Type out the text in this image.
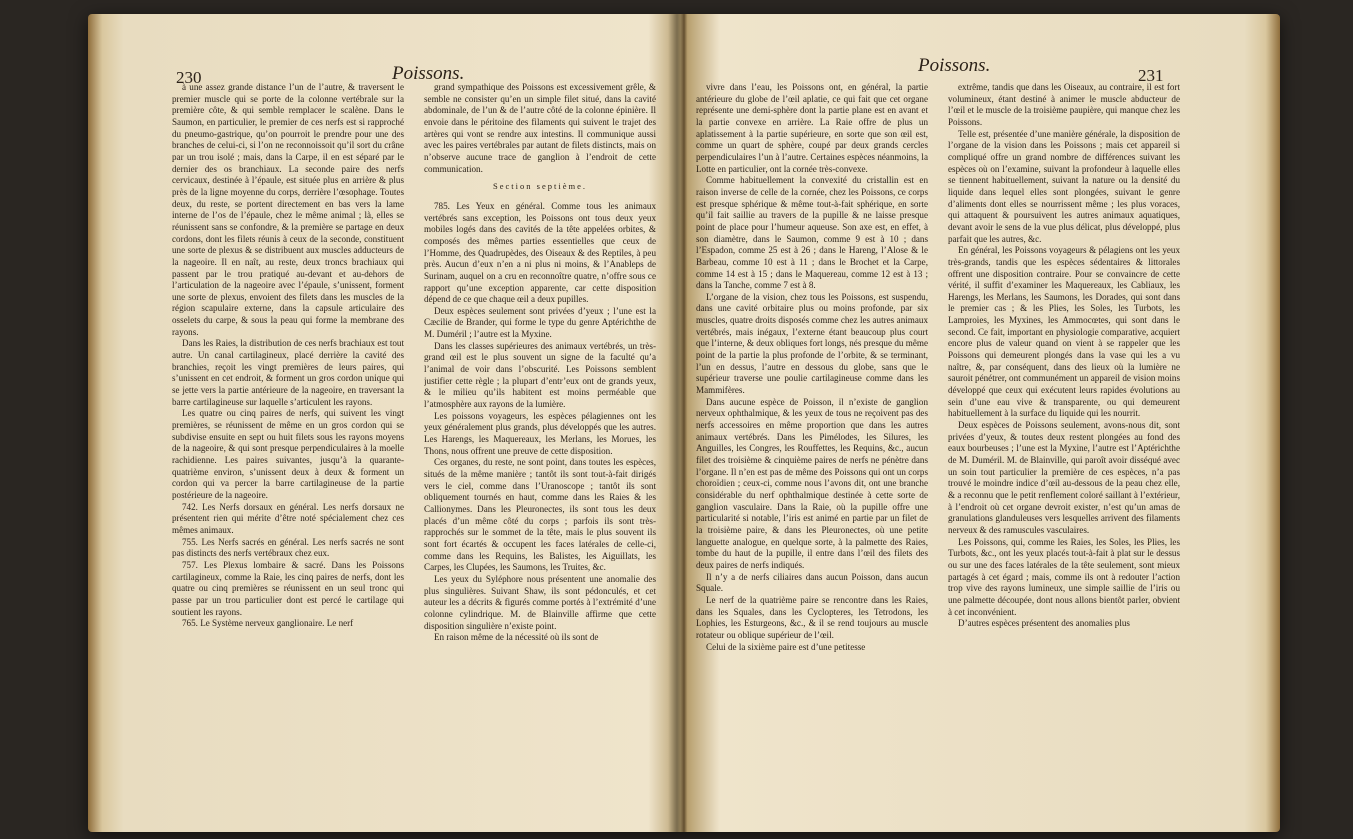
230	Poissons.

à une assez grande distance l’un de l’autre, & traversent le premier muscle qui se porte de la colonne vertébrale sur la première côte, & qui semble remplacer le scalène. Dans le Saumon, en particulier, le premier de ces nerfs est si rapproché du pneumo-gastrique, qu’on pourroit le prendre pour une des branches de celui-ci, si l’on ne reconnoissoit qu’il sort du crâne par un trou isolé ; mais, dans la Carpe, il en est séparé par le dernier des os branchiaux. La seconde paire des nerfs cervicaux, destinée à l’épaule, est située plus en arrière & plus près de la ligne moyenne du corps, derrière l’œsophage. Toutes deux, du reste, se portent directement en bas vers la lame interne de l’os de l’épaule, chez le même animal ; là, elles se réunissent sans se confondre, & la première se partage en deux cordons, dont les filets réunis à ceux de la seconde, constituent une sorte de plexus & se distribuent aux muscles adducteurs de la nageoire. Il en naît, au reste, deux troncs brachiaux qui passent par le trou pratiqué au-devant et au-dehors de l’articulation de la nageoire avec l’épaule, s’unissent, forment une sorte de plexus, envoient des filets dans les muscles de la région scapulaire externe, dans la capsule articulaire des osselets du carpe, & sous la peau qui forme la membrane des rayons.

Dans les Raies, la distribution de ces nerfs brachiaux est tout autre. Un canal cartilagineux, placé derrière la cavité des branchies, reçoit les vingt premières de leurs paires, qui s’unissent en cet endroit, & forment un gros cordon unique qui se jette vers la partie antérieure de la nageoire, en traversant la barre cartilagineuse sur laquelle s’articulent les rayons.

Les quatre ou cinq paires de nerfs, qui suivent les vingt premières, se réunissent de même en un gros cordon qui se subdivise ensuite en sept ou huit filets sous les rayons moyens de la nageoire, & qui sont presque perpendiculaires à la moelle rachidienne. Les paires suivantes, jusqu’à la quarante-quatrième environ, s’unissent deux à deux & forment un cordon qui va percer la barre cartilagineuse de la partie postérieure de la nageoire.

742. Les Nerfs dorsaux en général. Les nerfs dorsaux ne présentent rien qui mérite d’être noté spécialement chez ces mêmes animaux.

755. Les Nerfs sacrés en général. Les nerfs sacrés ne sont pas distincts des nerfs vertébraux chez eux.

757. Les Plexus lombaire & sacré. Dans les Poissons cartilagineux, comme la Raie, les cinq paires de nerfs, dont les quatre ou cinq premières se réunissent en un seul tronc qui passe par un trou particulier dont est percé le cartilage qui soutient les rayons.

765. Le Système nerveux ganglionaire. Le nerf

grand sympathique des Poissons est excessivement grêle, & semble ne consister qu’en un simple filet situé, dans la cavité abdominale, de l’un & de l’autre côté de la colonne épinière. Il envoie dans le péritoine des filaments qui suivent le trajet des artères qui vont se rendre aux intestins. Il communique aussi avec les paires vertébrales par autant de filets distincts, mais on n’observe aucune trace de ganglion à l’endroit de cette communication.

Section septième.

785. Les Yeux en général. Comme tous les animaux vertébrés sans exception, les Poissons ont tous deux yeux mobiles logés dans des cavités de la tête appelées orbites, & composés des mêmes parties essentielles que ceux de l’Homme, des Quadrupèdes, des Oiseaux & des Reptiles, à peu près. Aucun d’eux n’en a ni plus ni moins, & l’Anableps de Surinam, auquel on a cru en reconnoître quatre, n’offre sous ce rapport qu’une exception apparente, car cette disposition dépend de ce que chaque œil a deux pupilles.

Deux espèces seulement sont privées d’yeux ; l’une est la Cæcilie de Brander, qui forme le type du genre Aptérichthe de M. Duméril ; l’autre est la Myxine.

Dans les classes supérieures des animaux vertébrés, un très-grand œil est le plus souvent un signe de la faculté qu’a l’animal de voir dans l’obscurité. Les Poissons semblent justifier cette règle ; la plupart d’entr’eux ont de grands yeux, & le milieu qu’ils habitent est moins perméable que l’atmosphère aux rayons de la lumière.

Les poissons voyageurs, les espèces pélagiennes ont les yeux généralement plus grands, plus développés que les autres. Les Harengs, les Maquereaux, les Merlans, les Morues, les Thons, nous offrent une preuve de cette disposition.

Ces organes, du reste, ne sont point, dans toutes les espèces, situés de la même manière ; tantôt ils sont tout-à-fait dirigés vers le ciel, comme dans l’Uranoscope ; tantôt ils sont obliquement tournés en haut, comme dans les Raies & les Callionymes. Dans les Pleuronectes, ils sont tous les deux placés d’un même côté du corps ; parfois ils sont très-rapprochés sur le sommet de la tête, mais le plus souvent ils sont fort écartés & occupent les faces latérales de celle-ci, comme dans les Requins, les Balistes, les Aiguillats, les Carpes, les Clupées, les Saumons, les Truites, &c.

Les yeux du Syléphore nous présentent une anomalie des plus singulières. Suivant Shaw, ils sont pédonculés, et cet auteur les a décrits & figurés comme portés à l’extrémité d’une colonne cylindrique. M. de Blainville affirme que cette disposition singulière n’existe point.

En raison même de la nécessité où ils sont de

Poissons.	231

vivre dans l’eau, les Poissons ont, en général, la partie antérieure du globe de l’œil aplatie, ce qui fait que cet organe représente une demi-sphère dont la partie plane est en avant et la partie convexe en arrière. La Raie offre de plus un aplatissement à la partie supérieure, en sorte que son œil est, comme un quart de sphère, coupé par deux grands cercles perpendiculaires l’un à l’autre. Certaines espèces néanmoins, la Lotte en particulier, ont la cornée très-convexe.

Comme habituellement la convexité du cristallin est en raison inverse de celle de la cornée, chez les Poissons, ce corps est presque sphérique & même tout-à-fait sphérique, en sorte qu’il fait saillie au travers de la pupille & ne laisse presque point de place pour l’humeur aqueuse. Son axe est, en effet, à son diamètre, dans le Saumon, comme 9 est à 10 ; dans l’Espadon, comme 25 est à 26 ; dans le Hareng, l’Alose & le Barbeau, comme 10 est à 11 ; dans le Brochet et la Carpe, comme 14 est à 15 ; dans le Maquereau, comme 12 est à 13 ; dans la Tanche, comme 7 est à 8.

L’organe de la vision, chez tous les Poissons, est suspendu, dans une cavité orbitaire plus ou moins profonde, par six muscles, quatre droits disposés comme chez les autres animaux vertébrés, mais inégaux, l’externe étant beaucoup plus court que l’interne, & deux obliques fort longs, nés presque du même point de la partie la plus profonde de l’orbite, & se terminant, l’un en dessus, l’autre en dessous du globe, sans que le supérieur traverse une poulie cartilagineuse comme dans les Mammifères.

Dans aucune espèce de Poisson, il n’existe de ganglion nerveux ophthalmique, & les yeux de tous ne reçoivent pas des nerfs accessoires en même proportion que dans les autres animaux vertébrés. Dans les Pimélodes, les Silures, les Anguilles, les Congres, les Rouffettes, les Requins, &c., aucun filet des troisième & cinquième paires de nerfs ne pénètre dans l’organe. Il n’en est pas de même des Poissons qui ont un corps choroïdien ; ceux-ci, comme nous l’avons dit, ont une branche considérable du nerf ophthalmique destinée à cette sorte de ganglion vasculaire. Dans la Raie, où la pupille offre une particularité si notable, l’iris est animé en partie par un filet de la troisième paire, & dans les Pleuronectes, où une petite languette analogue, en quelque sorte, à la palmette des Raies, tombe du haut de la pupille, il entre dans l’œil des filets des deux paires de nerfs indiqués.

Il n’y a de nerfs ciliaires dans aucun Poisson, dans aucun Squale.

Le nerf de la quatrième paire se rencontre dans les Raies, dans les Squales, dans les Cyclopteres, les Tetrodons, les Lophies, les Esturgeons, &c., & il se rend toujours au muscle rotateur ou oblique supérieur de l’œil.

Celui de la sixième paire est d’une petitesse

extrême, tandis que dans les Oiseaux, au contraire, il est fort volumineux, étant destiné à animer le muscle abducteur de l’œil et le muscle de la troisième paupière, qui manque chez les Poissons.

Telle est, présentée d’une manière générale, la disposition de l’organe de la vision dans les Poissons ; mais cet appareil si compliqué offre un grand nombre de différences suivant les espèces où on l’examine, suivant la profondeur à laquelle elles se tiennent habituellement, suivant la nature ou la densité du liquide dans lequel elles sont plongées, suivant le genre d’aliments dont elles se nourrissent même ; les plus voraces, qui attaquent & poursuivent les autres animaux aquatiques, devant avoir le sens de la vue plus délicat, plus développé, plus parfait que les autres, &c.

En général, les Poissons voyageurs & pélagiens ont les yeux très-grands, tandis que les espèces sédentaires & littorales offrent une disposition contraire. Pour se convaincre de cette vérité, il suffit d’examiner les Maquereaux, les Cabliaux, les Harengs, les Merlans, les Saumons, les Dorades, qui sont dans le premier cas ; & les Plies, les Soles, les Turbots, les Lamproies, les Myxines, les Ammocœtes, qui sont dans le second. Ce fait, important en physiologie comparative, acquiert encore plus de valeur quand on vient à se rappeler que les Poissons qui demeurent plongés dans la vase qui les a vu naître, &, par conséquent, dans des lieux où la lumière ne sauroit pénétrer, ont communément un appareil de vision moins développé que ceux qui exécutent leurs rapides évolutions au sein d’une eau vive & transparente, ou qui demeurent habituellement à la surface du liquide qui les nourrit.

Deux espèces de Poissons seulement, avons-nous dit, sont privées d’yeux, & toutes deux restent plongées au fond des eaux bourbeuses ; l’une est la Myxine, l’autre est l’Aptérichthe de M. Duméril. M. de Blainville, qui paroît avoir disséqué avec un soin tout particulier la première de ces espèces, n’a pas trouvé le moindre indice d’œil au-dessous de la peau chez elle, & a reconnu que le petit renflement coloré saillant à l’extérieur, à l’endroit où cet organe devroit exister, n’est qu’un amas de granulations glanduleuses vers lesquelles arrivent des filaments nerveux & des ramuscules vasculaires.

Les Poissons, qui, comme les Raies, les Soles, les Plies, les Turbots, &c., ont les yeux placés tout-à-fait à plat sur le dessus ou sur une des faces latérales de la tête seulement, sont mieux partagés à cet égard ; mais, comme ils ont à redouter l’action trop vive des rayons lumineux, une simple saillie de l’iris ou une palmette découpée, dont nous allons bientôt parler, obvient à cet inconvénient.

D’autres espèces présentent des anomalies plus
